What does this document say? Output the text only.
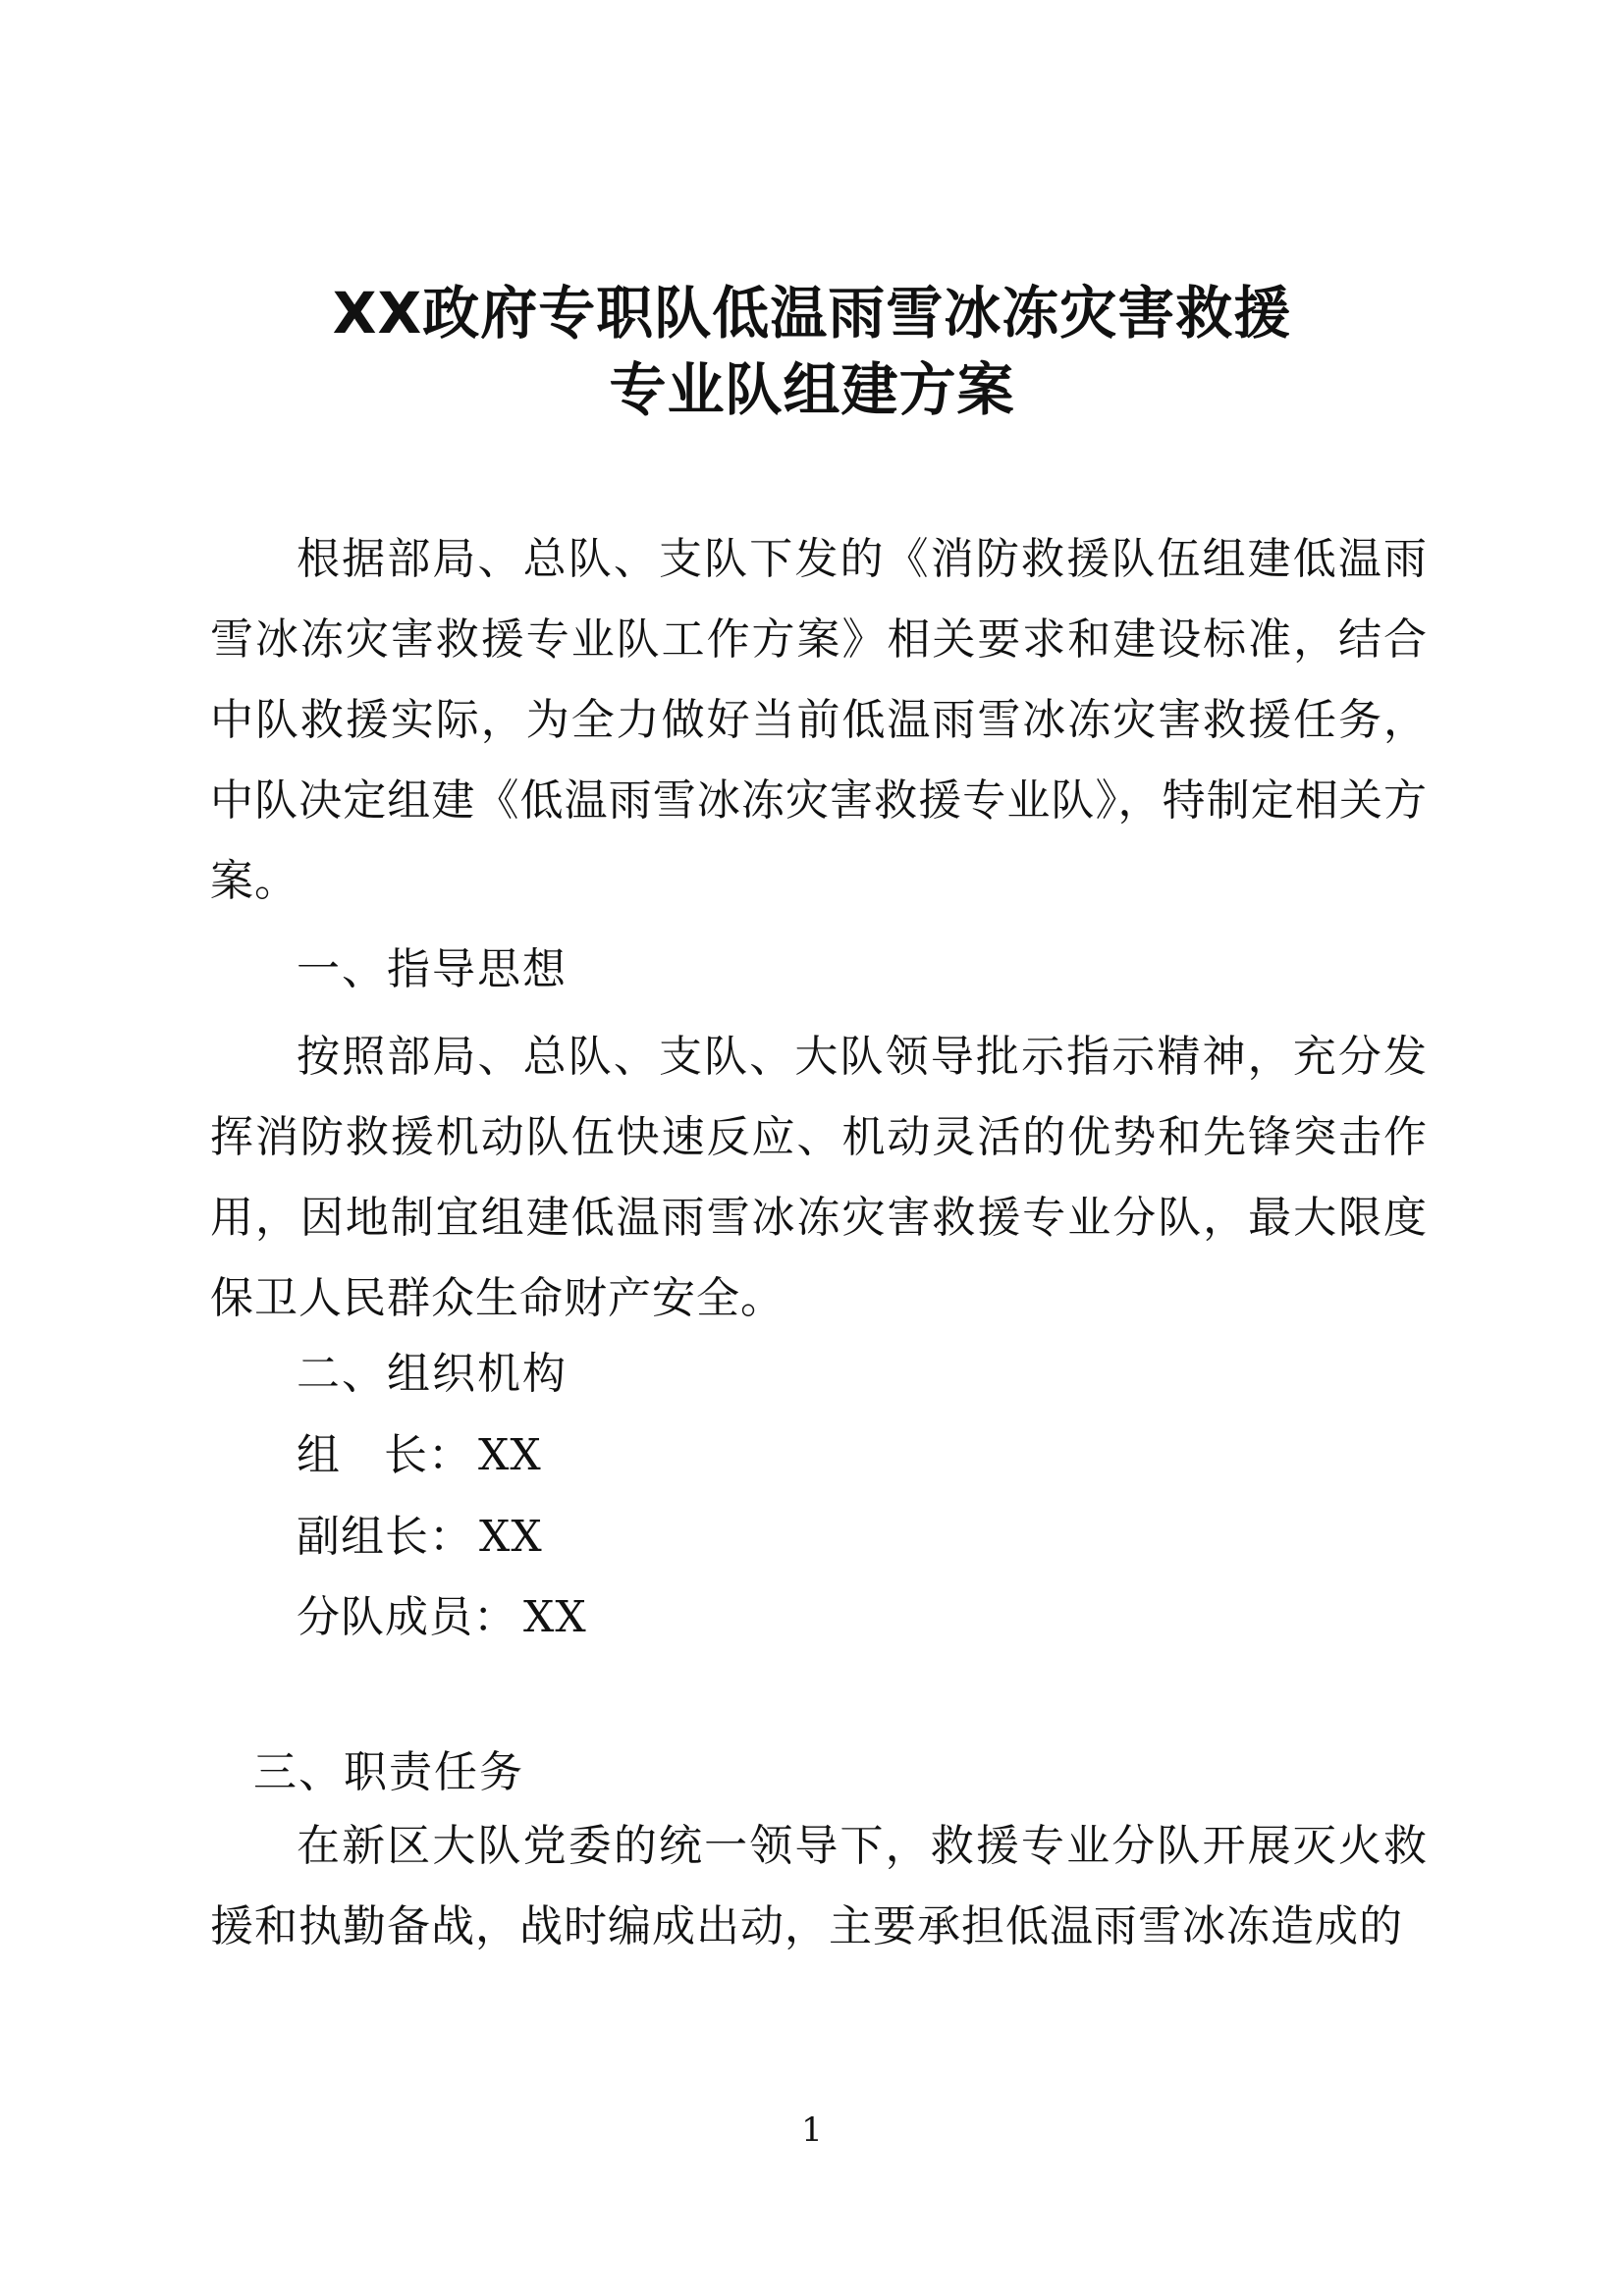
XX政府专职队低温雨雪冰冻灾害救援
专业队组建方案
根据部局、总队、支队下发的《消防救援队伍组建低温雨雪冰冻灾害救援专业队工作方案》相关要求和建设标准，结合中队救援实际，为全力做好当前低温雨雪冰冻灾害救援任务，中队决定组建《低温雨雪冰冻灾害救援专业队》，特制定相关方案。
一、指导思想
按照部局、总队、支队、大队领导批示指示精神，充分发挥消防救援机动队伍快速反应、机动灵活的优势和先锋突击作用，因地制宜组建低温雨雪冰冻灾害救援专业分队，最大限度保卫人民群众生命财产安全。
二、组织机构
组 长： XX
副组长： XX
分队成员： XX
三、职责任务
在新区大队党委的统一领导下，救援专业分队开展灭火救援和执勤备战，战时编成出动，主要承担低温雨雪冰冻造成的
1
